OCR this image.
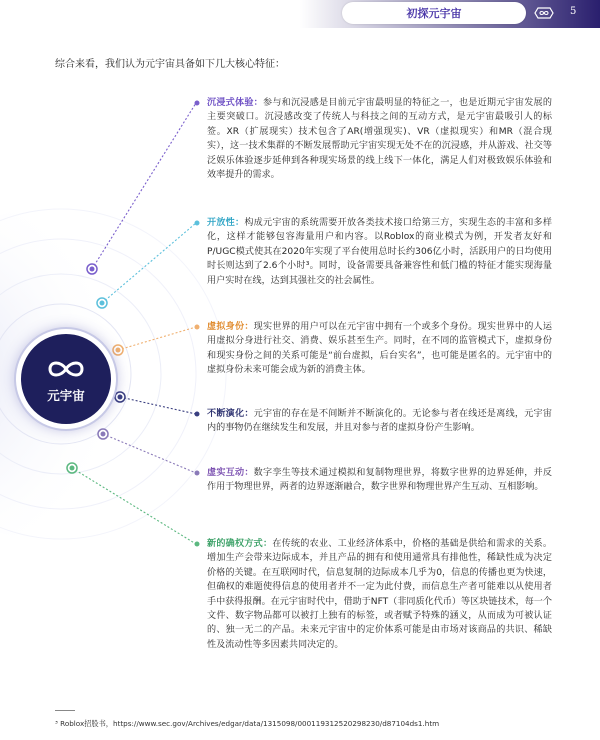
初探元宇宙	5
综合来看，我们认为元宇宙具备如下几大核心特征：
元宇宙
沉浸式体验：参与和沉浸感是目前元宇宙最明显的特征之一，也是近期元宇宙发展的主要突破口。沉浸感改变了传统人与科技之间的互动方式，是元宇宙最吸引人的标签。XR（扩展现实）技术包含了AR(增强现实)、VR（虚拟现实）和MR（混合现实），这一技术集群的不断发展帮助元宇宙实现无处不在的沉浸感，并从游戏、社交等泛娱乐体验逐步延伸到各种现实场景的线上线下一体化，满足人们对极致娱乐体验和效率提升的需求。
开放性：构成元宇宙的系统需要开放各类技术接口给第三方，实现生态的丰富和多样化，这样才能够包容海量用户和内容。以Roblox的商业模式为例，开发者友好和P/UGC模式使其在2020年实现了平台使用总时长约306亿小时，活跃用户的日均使用时长则达到了2.6个小时³。同时，设备需要具备兼容性和低门槛的特征才能实现海量用户实时在线，达到其强社交的社会属性。
虚拟身份：现实世界的用户可以在元宇宙中拥有一个或多个身份。现实世界中的人运用虚拟分身进行社交、消费、娱乐甚至生产。同时，在不同的监管模式下，虚拟身份和现实身份之间的关系可能是“前台虚拟，后台实名”，也可能是匿名的。元宇宙中的虚拟身份未来可能会成为新的消费主体。
不断演化：元宇宙的存在是不间断并不断演化的。无论参与者在线还是离线，元宇宙内的事物仍在继续发生和发展，并且对参与者的虚拟身份产生影响。
虚实互动：数字孪生等技术通过模拟和复制物理世界，将数字世界的边界延伸，并反作用于物理世界，两者的边界逐渐融合，数字世界和物理世界产生互动、互相影响。
新的确权方式：在传统的农业、工业经济体系中，价格的基础是供给和需求的关系。增加生产会带来边际成本，并且产品的拥有和使用通常具有排他性，稀缺性成为决定价格的关键。在互联网时代，信息复制的边际成本几乎为0，信息的传播也更为快速，但确权的难题使得信息的使用者并不一定为此付费，而信息生产者可能难以从使用者手中获得报酬。在元宇宙时代中，借助于NFT（非同质化代币）等区块链技术，每一个文件、数字物品都可以被打上独有的标签，或者赋予特殊的涵义，从而成为可被认证的、独一无二的产品。未来元宇宙中的定价体系可能是由市场对该商品的共识、稀缺性及流动性等多因素共同决定的。
³ Roblox招股书，https://www.sec.gov/Archives/edgar/data/1315098/000119312520298230/d87104ds1.htm
